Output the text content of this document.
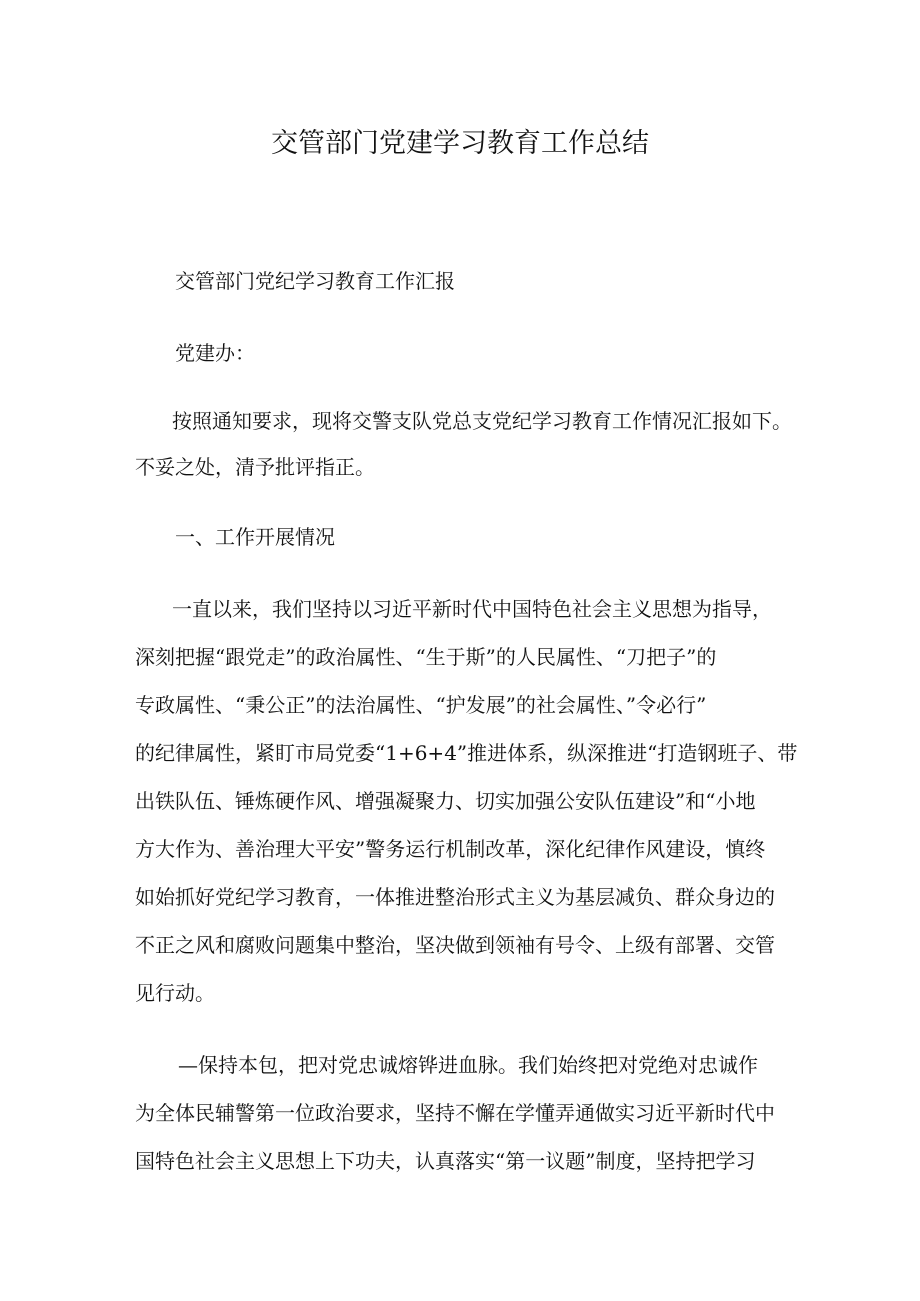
交管部门党建学习教育工作总结

交管部门党纪学习教育工作汇报

党建办：

按照通知要求，现将交警支队党总支党纪学习教育工作情况汇报如下。

不妥之处，清予批评指正。

一、工作开展情况

一直以来，我们坚持以习近平新时代中国特色社会主义思想为指导，

深刻把握“跟党走”的政治属性、“生于斯”的人民属性、“刀把子”的

专政属性、“秉公正”的法治属性、“护发展”的社会属性、”令必行”

的纪律属性，紧盯市局党委“1+6+4”推进体系，纵深推进“打造钢班子、带

出铁队伍、锤炼硬作风、增强凝聚力、切实加强公安队伍建设”和“小地

方大作为、善治理大平安”警务运行机制改革，深化纪律作风建设，慎终

如始抓好党纪学习教育，一体推进整治形式主义为基层减负、群众身边的

不正之风和腐败问题集中整治，坚决做到领袖有号令、上级有部署、交管

见行动。

—保持本包，把对党忠诚熔铧进血脉。我们始终把对党绝对忠诚作

为全体民辅警第一位政治要求，坚持不懈在学懂弄通做实习近平新时代中

国特色社会主义思想上下功夫，认真落实“第一议题”制度，坚持把学习
